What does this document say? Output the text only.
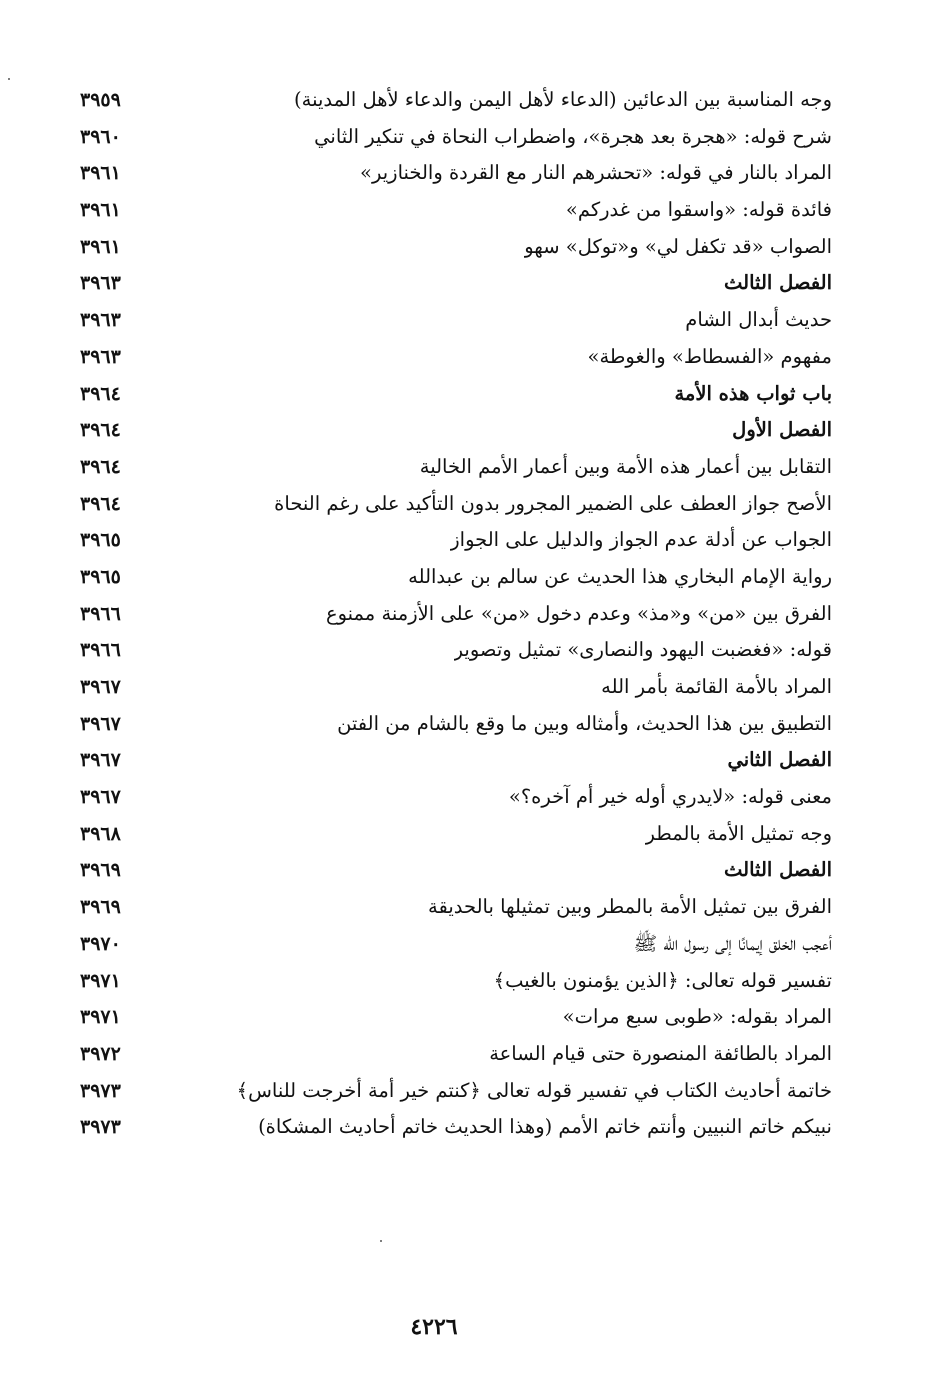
وجه المناسبة بين الدعائين (الدعاء لأهل اليمن والدعاء لأهل المدينة)
٣٩٥٩
شرح قوله: «هجرة بعد هجرة»، واضطراب النحاة في تنكير الثاني
٣٩٦٠
المراد بالنار في قوله: «تحشرهم النار مع القردة والخنازير»
٣٩٦١
فائدة قوله: «واسقوا من غدركم»
٣٩٦١
الصواب «قد تكفل لي» و«توكل» سهو
٣٩٦١
الفصل الثالث
٣٩٦٣
حديث أبدال الشام
٣٩٦٣
مفهوم «الفسطاط» والغوطة»
٣٩٦٣
باب ثواب هذه الأمة
٣٩٦٤
الفصل الأول
٣٩٦٤
التقابل بين أعمار هذه الأمة وبين أعمار الأمم الخالية
٣٩٦٤
الأصح جواز العطف على الضمير المجرور بدون التأكيد على رغم النحاة
٣٩٦٤
الجواب عن أدلة عدم الجواز والدليل على الجواز
٣٩٦٥
رواية الإمام البخاري هذا الحديث عن سالم بن عبدالله
٣٩٦٥
الفرق بين «من» و«مذ» وعدم دخول «من» على الأزمنة ممنوع
٣٩٦٦
قوله: «فغضبت اليهود والنصارى» تمثيل وتصوير
٣٩٦٦
المراد بالأمة القائمة بأمر الله
٣٩٦٧
التطبيق بين هذا الحديث، وأمثاله وبين ما وقع بالشام من الفتن
٣٩٦٧
الفصل الثاني
٣٩٦٧
معنى قوله: «لايدري أوله خير أم آخره؟»
٣٩٦٧
وجه تمثيل الأمة بالمطر
٣٩٦٨
الفصل الثالث
٣٩٦٩
الفرق بين تمثيل الأمة بالمطر وبين تمثيلها بالحديقة
٣٩٦٩
أعجب الخلق إيمانًا إلى رسول الله ﷺ
٣٩٧٠
تفسير قوله تعالى: ﴿الذين يؤمنون بالغيب﴾
٣٩٧١
المراد بقوله: «طوبى سبع مرات»
٣٩٧١
المراد بالطائفة المنصورة حتى قيام الساعة
٣٩٧٢
خاتمة أحاديث الكتاب في تفسير قوله تعالى ﴿كنتم خير أمة أخرجت للناس﴾
٣٩٧٣
نبيكم خاتم النبيين وأنتم خاتم الأمم (وهذا الحديث خاتم أحاديث المشكاة)
٣٩٧٣
٤٢٢٦
